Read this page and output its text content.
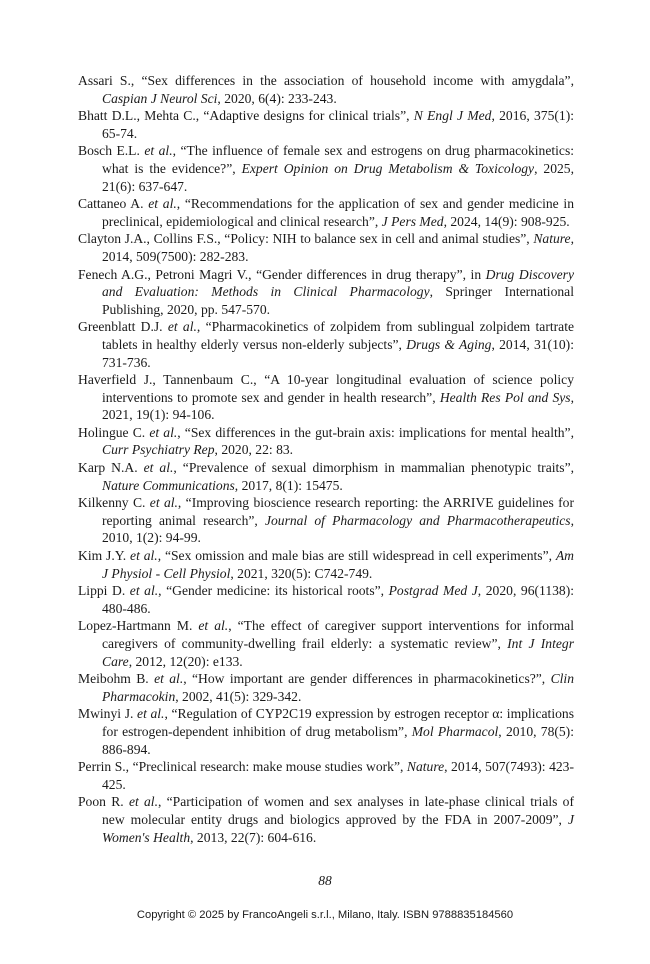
Assari S., “Sex differences in the association of household income with amygdala”, Caspian J Neurol Sci, 2020, 6(4): 233-243.
Bhatt D.L., Mehta C., “Adaptive designs for clinical trials”, N Engl J Med, 2016, 375(1): 65-74.
Bosch E.L. et al., “The influence of female sex and estrogens on drug pharmacokinetics: what is the evidence?”, Expert Opinion on Drug Metabolism & Toxicology, 2025, 21(6): 637-647.
Cattaneo A. et al., “Recommendations for the application of sex and gender medicine in preclinical, epidemiological and clinical research”, J Pers Med, 2024, 14(9): 908-925.
Clayton J.A., Collins F.S., “Policy: NIH to balance sex in cell and animal studies”, Nature, 2014, 509(7500): 282-283.
Fenech A.G., Petroni Magri V., “Gender differences in drug therapy”, in Drug Discovery and Evaluation: Methods in Clinical Pharmacology, Springer International Publishing, 2020, pp. 547-570.
Greenblatt D.J. et al., “Pharmacokinetics of zolpidem from sublingual zolpidem tartrate tablets in healthy elderly versus non-elderly subjects”, Drugs & Aging, 2014, 31(10): 731-736.
Haverfield J., Tannenbaum C., “A 10-year longitudinal evaluation of science policy interventions to promote sex and gender in health research”, Health Res Pol and Sys, 2021, 19(1): 94-106.
Holingue C. et al., “Sex differences in the gut-brain axis: implications for mental health”, Curr Psychiatry Rep, 2020, 22: 83.
Karp N.A. et al., “Prevalence of sexual dimorphism in mammalian phenotypic traits”, Nature Communications, 2017, 8(1): 15475.
Kilkenny C. et al., “Improving bioscience research reporting: the ARRIVE guidelines for reporting animal research”, Journal of Pharmacology and Pharmacotherapeutics, 2010, 1(2): 94-99.
Kim J.Y. et al., “Sex omission and male bias are still widespread in cell experiments”, Am J Physiol - Cell Physiol, 2021, 320(5): C742-749.
Lippi D. et al., “Gender medicine: its historical roots”, Postgrad Med J, 2020, 96(1138): 480-486.
Lopez-Hartmann M. et al., “The effect of caregiver support interventions for informal caregivers of community-dwelling frail elderly: a systematic review”, Int J Integr Care, 2012, 12(20): e133.
Meibohm B. et al., “How important are gender differences in pharmacokinetics?”, Clin Pharmacokin, 2002, 41(5): 329-342.
Mwinyi J. et al., “Regulation of CYP2C19 expression by estrogen receptor α: implications for estrogen-dependent inhibition of drug metabolism”, Mol Pharmacol, 2010, 78(5): 886-894.
Perrin S., “Preclinical research: make mouse studies work”, Nature, 2014, 507(7493): 423-425.
Poon R. et al., “Participation of women and sex analyses in late-phase clinical trials of new molecular entity drugs and biologics approved by the FDA in 2007-2009”, J Women's Health, 2013, 22(7): 604-616.
88
Copyright © 2025 by FrancoAngeli s.r.l., Milano, Italy. ISBN 9788835184560
